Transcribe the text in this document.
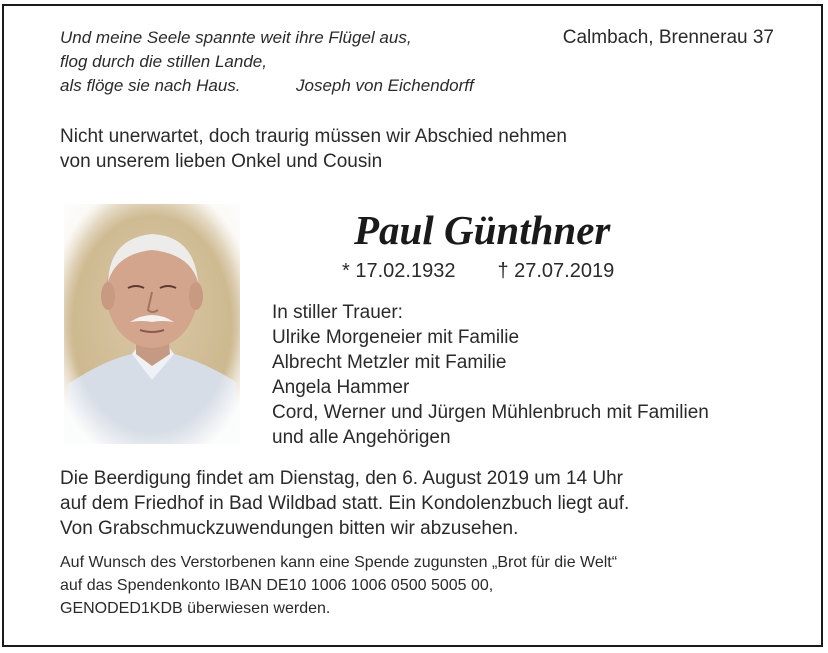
Und meine Seele spannte weit ihre Flügel aus,
flog durch die stillen Lande,
als flöge sie nach Haus.	Joseph von Eichendorff
Calmbach, Brennerau 37
Nicht unerwartet, doch traurig müssen wir Abschied nehmen
von unserem lieben Onkel und Cousin
Paul Günthner
* 17.02.1932 † 27.07.2019
In stiller Trauer:
Ulrike Morgeneier mit Familie
Albrecht Metzler mit Familie
Angela Hammer
Cord, Werner und Jürgen Mühlenbruch mit Familien
und alle Angehörigen
Die Beerdigung findet am Dienstag, den 6. August 2019 um 14 Uhr
auf dem Friedhof in Bad Wildbad statt. Ein Kondolenzbuch liegt auf.
Von Grabschmuckzuwendungen bitten wir abzusehen.
Auf Wunsch des Verstorbenen kann eine Spende zugunsten „Brot für die Welt“
auf das Spendenkonto IBAN DE10 1006 1006 0500 5005 00,
GENODED1KDB überwiesen werden.
